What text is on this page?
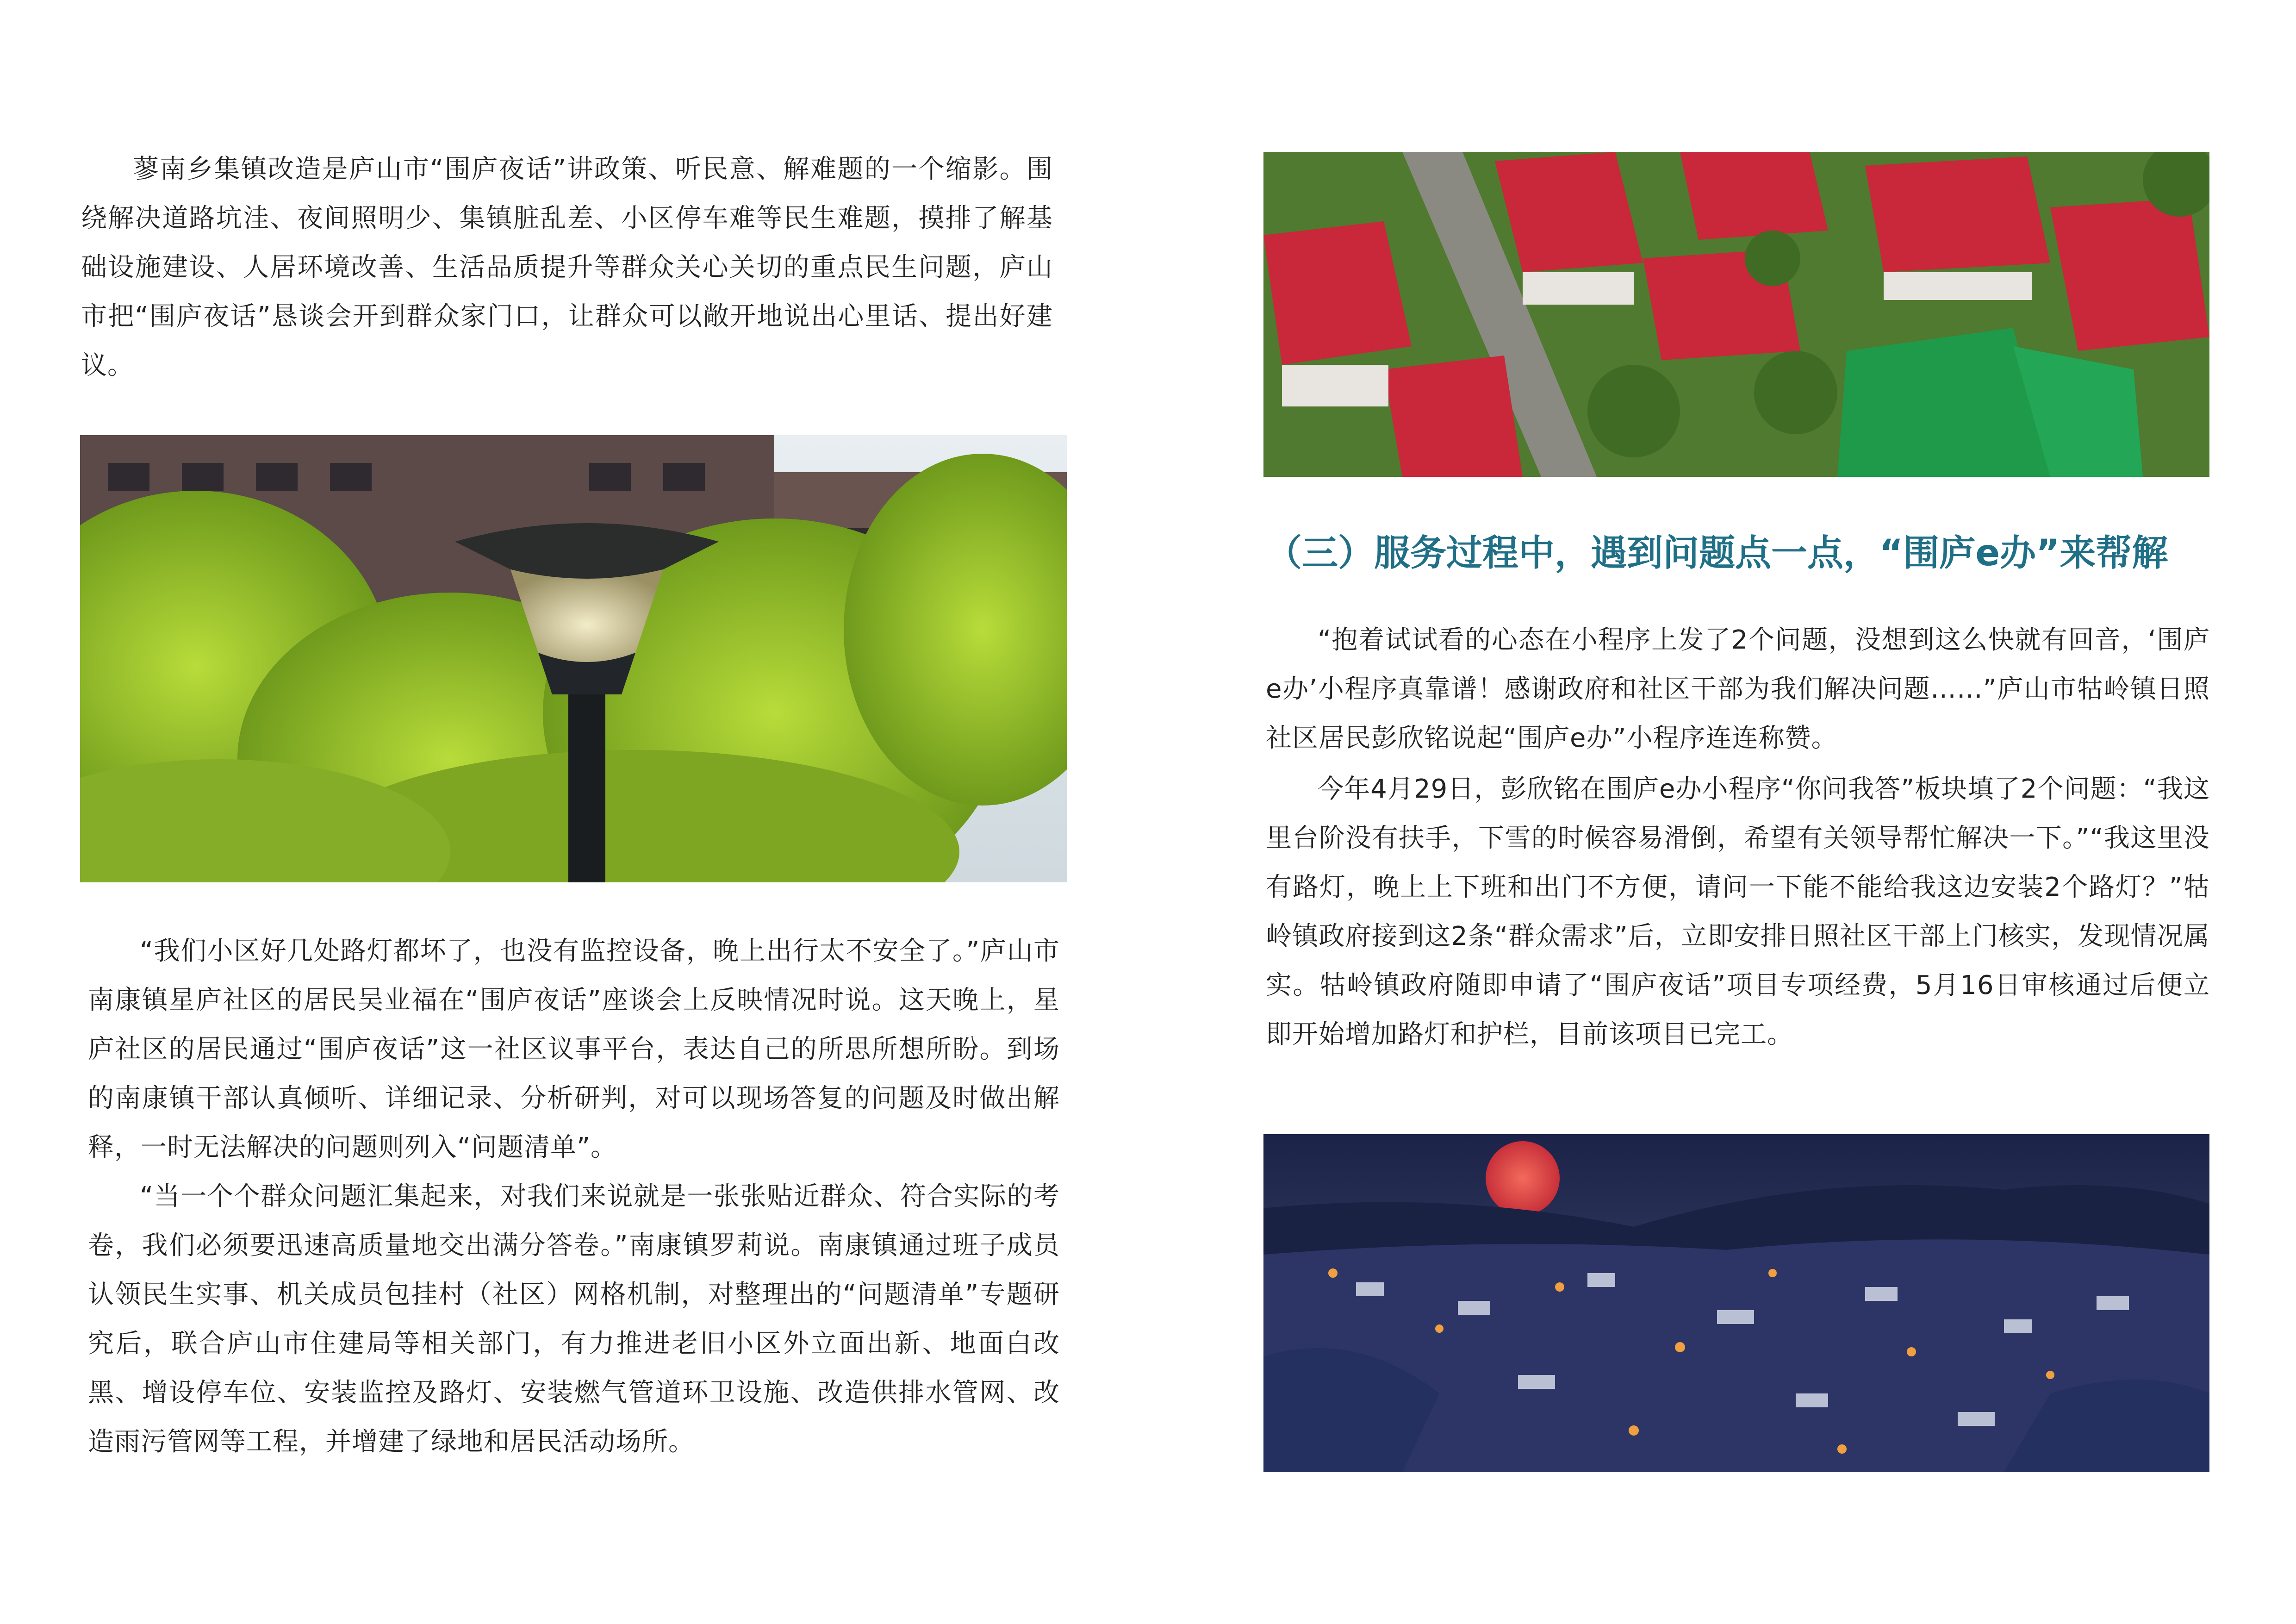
蓼南乡集镇改造是庐山市“围庐夜话”讲政策、听民意、解难题的一个缩影。围绕解决道路坑洼、夜间照明少、集镇脏乱差、小区停车难等民生难题，摸排了解基础设施建设、人居环境改善、生活品质提升等群众关心关切的重点民生问题，庐山市把“围庐夜话”恳谈会开到群众家门口，让群众可以敞开地说出心里话、提出好建议。

“我们小区好几处路灯都坏了，也没有监控设备，晚上出行太不安全了。”庐山市南康镇星庐社区的居民吴业福在“围庐夜话”座谈会上反映情况时说。这天晚上，星庐社区的居民通过“围庐夜话”这一社区议事平台，表达自己的所思所想所盼。到场的南康镇干部认真倾听、详细记录、分析研判，对可以现场答复的问题及时做出解释，一时无法解决的问题则列入“问题清单”。

“当一个个群众问题汇集起来，对我们来说就是一张张贴近群众、符合实际的考卷，我们必须要迅速高质量地交出满分答卷。”南康镇罗莉说。南康镇通过班子成员认领民生实事、机关成员包挂村（社区）网格机制，对整理出的“问题清单”专题研究后，联合庐山市住建局等相关部门，有力推进老旧小区外立面出新、地面白改黑、增设停车位、安装监控及路灯、安装燃气管道环卫设施、改造供排水管网、改造雨污管网等工程，并增建了绿地和居民活动场所。

（三）服务过程中，遇到问题点一点，“围庐e办”来帮解

“抱着试试看的心态在小程序上发了2个问题，没想到这么快就有回音，‘围庐e办’小程序真靠谱！感谢政府和社区干部为我们解决问题……”庐山市牯岭镇日照社区居民彭欣铭说起“围庐e办”小程序连连称赞。

今年4月29日，彭欣铭在围庐e办小程序“你问我答”板块填了2个问题：“我这里台阶没有扶手，下雪的时候容易滑倒，希望有关领导帮忙解决一下。”“我这里没有路灯，晚上上下班和出门不方便，请问一下能不能给我这边安装2个路灯？”牯岭镇政府接到这2条“群众需求”后，立即安排日照社区干部上门核实，发现情况属实。牯岭镇政府随即申请了“围庐夜话”项目专项经费，5月16日审核通过后便立即开始增加路灯和护栏，目前该项目已完工。
